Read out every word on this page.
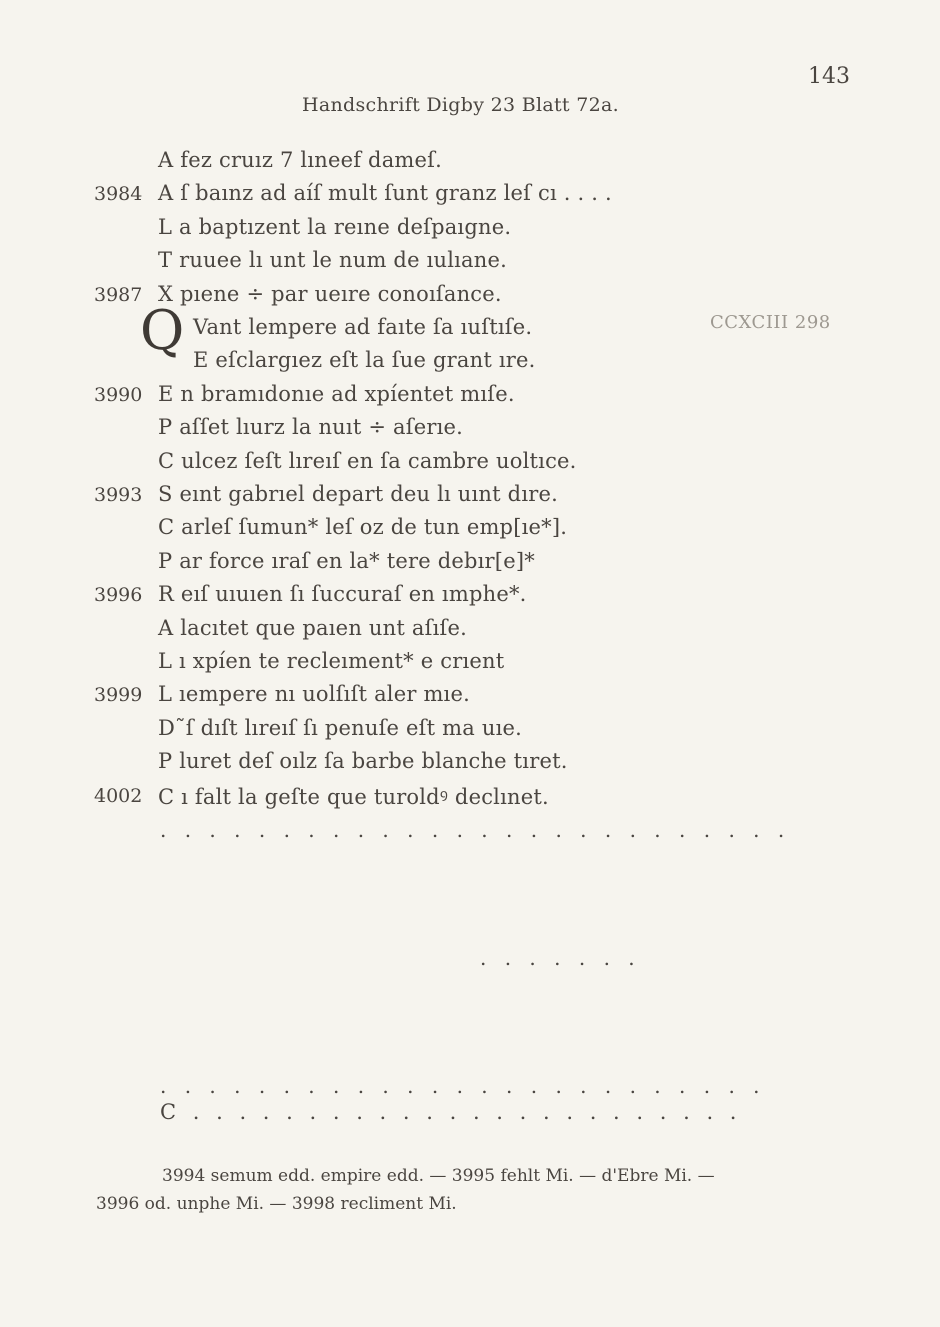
143
Handschrift Digby 23 Blatt 72a.
CCXCIII 298
A fez cruız 7 lıneef dameſ.
3984 A ſ baınz ad aíſ mult ſunt granz leſ cı . . . .
L a baptızent la reıne deſpaıgne.
T ruuee lı unt le num de ıulıane.
3987 X pıene ÷ par ueıre conoıſance.
Vant lempere ad faıte ſa ıuſtıſe.
E eſclargıez eſt la ſue grant ıre.
3990 E n bramıdonıe ad xpíentet mıſe.
P aſſet lıurz la nuıt ÷ aſerıe.
C ulcez ſeſt lıreıſ en ſa cambre uoltıce.
3993 S eınt gabrıel depart deu lı uınt dıre.
C arleſ ſumun* leſ oz de tun emp[ıe*].
P ar force ıraſ en la* tere debır[e]*
3996 R eıſ uıuıen ſı ſuccuraſ en ımphe*.
A lacıtet que paıen unt aſıſe.
L ı xpíen te recleıment* e crıent
3999 L ıempere nı uolſıſt aler mıe.
D˜ſ dıſt lıreıſ ſı penuſe eſt ma uıe.
P luret deſ oılz ſa barbe blanche tıret.
4002 C ı falt la geſte que turoldꝰ declınet.
Q
. . . . . . . . . . . . . . . . . . . . . . . . . .
. . . . . . .
. . . . . . . . . . . . . . . . . . . . . . . . .
C . . . . . . . . . . . . . . . . . . . . . . . .
3994 semum edd. empire edd. — 3995 fehlt Mi. — d'Ebre Mi. —
3996 od. unphe Mi. — 3998 recliment Mi.
